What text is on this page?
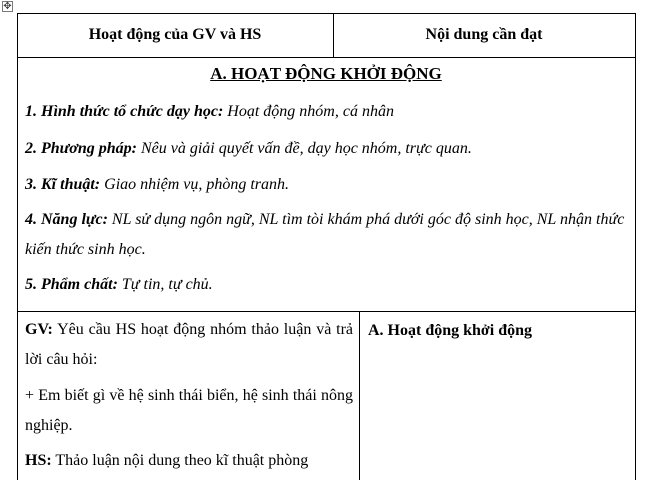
✥
Hoạt động của GV và HS	Nội dung cần đạt
A. HOẠT ĐỘNG KHỞI ĐỘNG
1. Hình thức tổ chức dạy học: Hoạt động nhóm, cá nhân
2. Phương pháp: Nêu và giải quyết vấn đề, dạy học nhóm, trực quan.
3. Kĩ thuật: Giao nhiệm vụ, phòng tranh.
4. Năng lực: NL sử dụng ngôn ngữ, NL tìm tòi khám phá dưới góc độ sinh học, NL nhận thức kiến thức sinh học.
5. Phẩm chất: Tự tin, tự chủ.
GV: Yêu cầu HS hoạt động nhóm thảo luận và trả lời câu hỏi:
+ Em biết gì về hệ sinh thái biển, hệ sinh thái nông nghiệp.
HS: Thảo luận nội dung theo kĩ thuật phòng
A. Hoạt động khởi động
